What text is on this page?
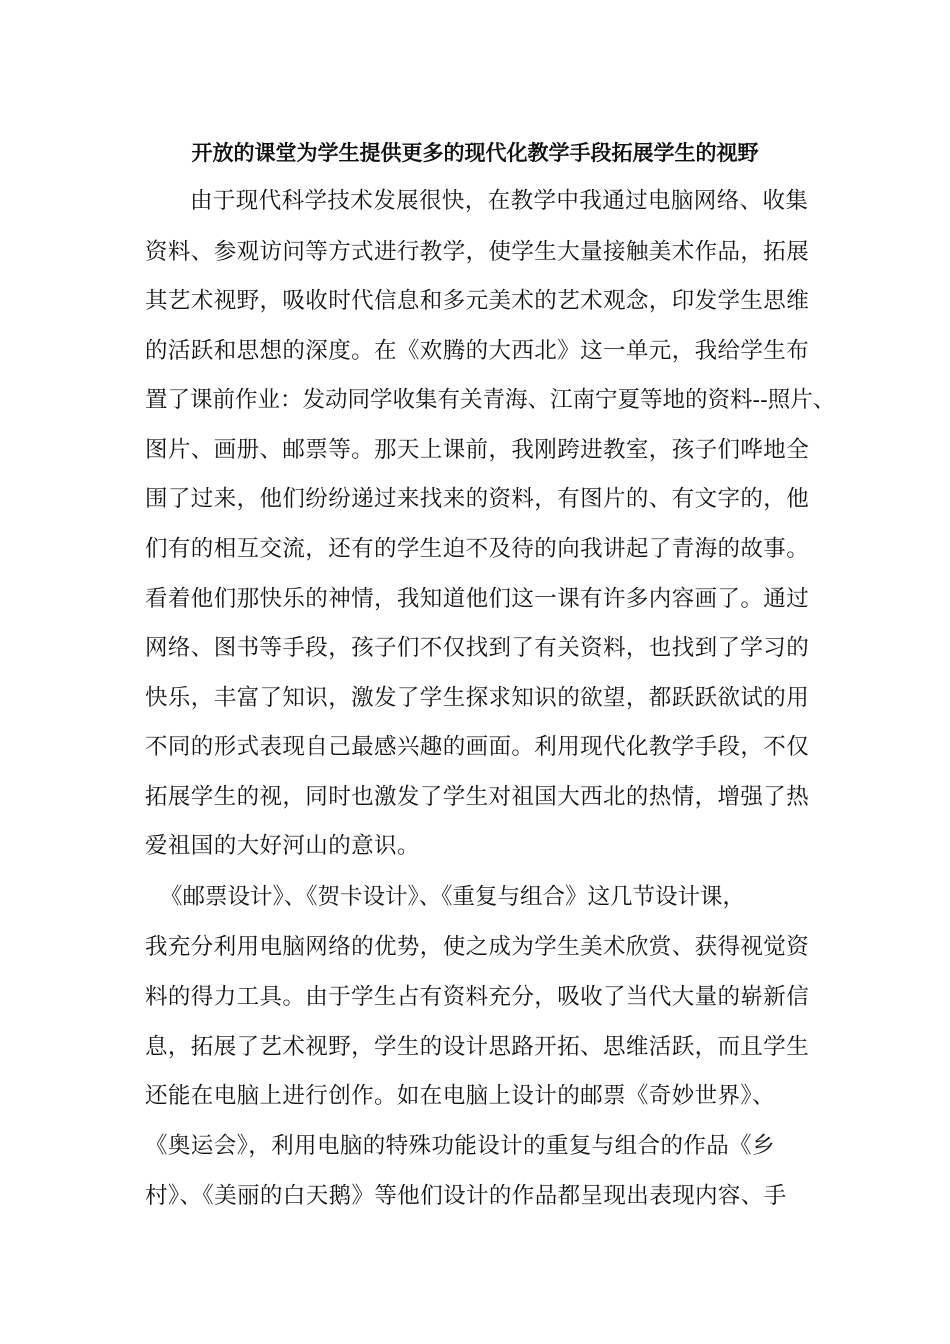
开放的课堂为学生提供更多的现代化教学手段拓展学生的视野
由于现代科学技术发展很快，在教学中我通过电脑网络、收集
资料、参观访问等方式进行教学，使学生大量接触美术作品，拓展
其艺术视野，吸收时代信息和多元美术的艺术观念，印发学生思维
的活跃和思想的深度。在《欢腾的大西北》这一单元，我给学生布
置了课前作业：发动同学收集有关青海、江南宁夏等地的资料--照片、
图片、画册、邮票等。那天上课前，我刚跨进教室，孩子们哗地全
围了过来，他们纷纷递过来找来的资料，有图片的、有文字的，他
们有的相互交流，还有的学生迫不及待的向我讲起了青海的故事。
看着他们那快乐的神情，我知道他们这一课有许多内容画了。通过
网络、图书等手段，孩子们不仅找到了有关资料，也找到了学习的
快乐，丰富了知识，激发了学生探求知识的欲望，都跃跃欲试的用
不同的形式表现自己最感兴趣的画面。利用现代化教学手段，不仅
拓展学生的视，同时也激发了学生对祖国大西北的热情，增强了热
爱祖国的大好河山的意识。
《邮票设计》、《贺卡设计》、《重复与组合》这几节设计课，
我充分利用电脑网络的优势，使之成为学生美术欣赏、获得视觉资
料的得力工具。由于学生占有资料充分，吸收了当代大量的崭新信
息，拓展了艺术视野，学生的设计思路开拓、思维活跃，而且学生
还能在电脑上进行创作。如在电脑上设计的邮票《奇妙世界》、
《奥运会》，利用电脑的特殊功能设计的重复与组合的作品《乡
村》、《美丽的白天鹅》等他们设计的作品都呈现出表现内容、手
